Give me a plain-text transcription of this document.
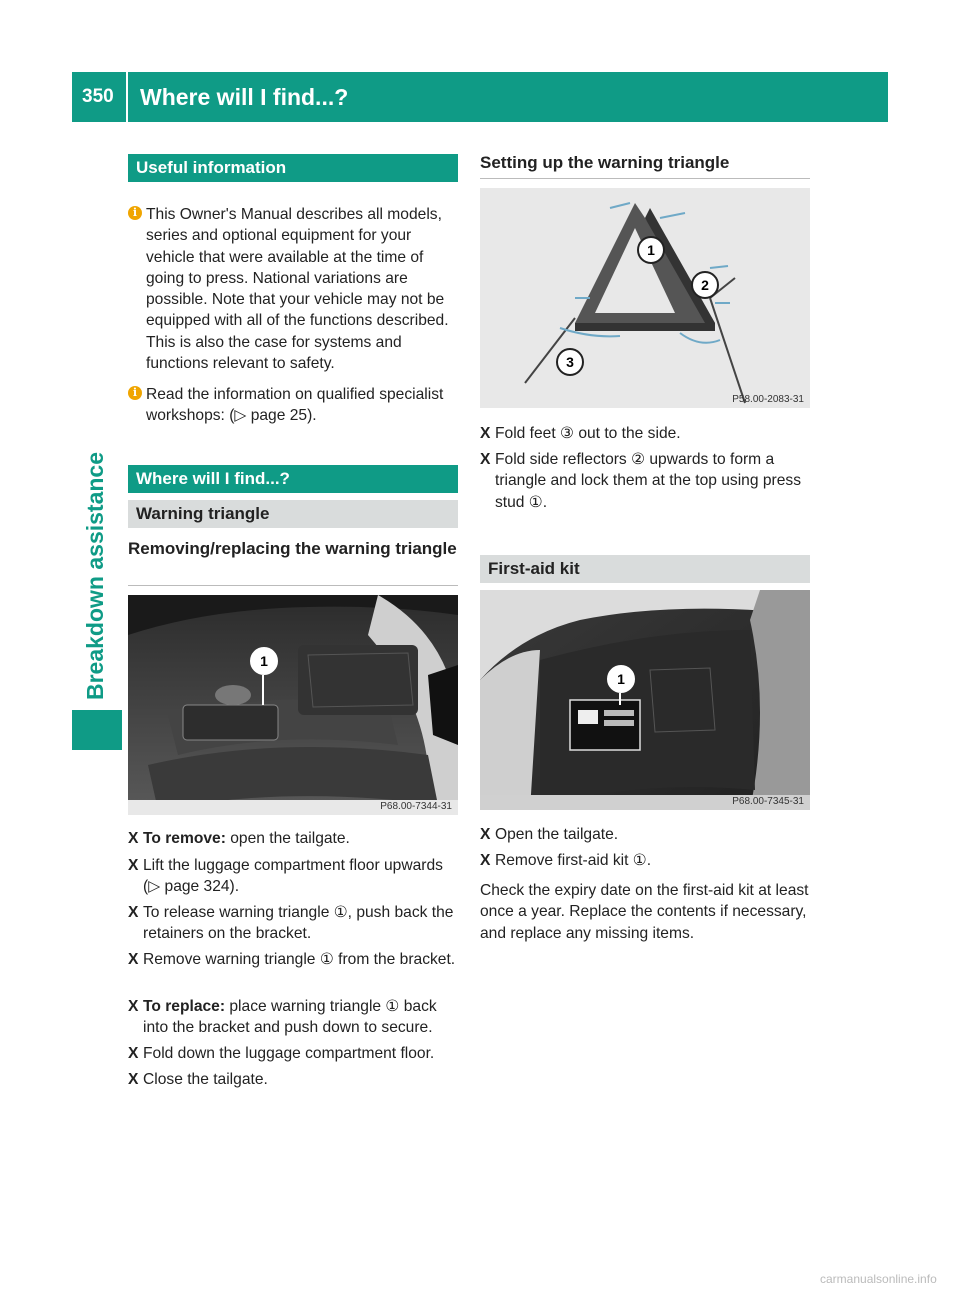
350 Where will I find...?
Breakdown assistance
Useful information
i This Owner's Manual describes all models, series and optional equipment for your vehicle that were available at the time of going to press. National variations are possible. Note that your vehicle may not be equipped with all of the functions described. This is also the case for systems and functions relevant to safety.
i Read the information on qualified specialist workshops: (▷ page 25).
Where will I find...?
Warning triangle
Removing/replacing the warning triangle
1
P68.00-7344-31
X To remove: open the tailgate.
X Lift the luggage compartment floor upwards (▷ page 324).
X To release warning triangle ①, push back the retainers on the bracket.
X Remove warning triangle ① from the bracket.
X To replace: place warning triangle ① back into the bracket and push down to secure.
X Fold down the luggage compartment floor.
X Close the tailgate.
Setting up the warning triangle
1
2
3
P58.00-2083-31
X Fold feet ③ out to the side.
X Fold side reflectors ② upwards to form a triangle and lock them at the top using press stud ①.
First-aid kit
1
P68.00-7345-31
X Open the tailgate.
X Remove first-aid kit ①.
Check the expiry date on the first-aid kit at least once a year. Replace the contents if necessary, and replace any missing items.
carmanualsonline.info
